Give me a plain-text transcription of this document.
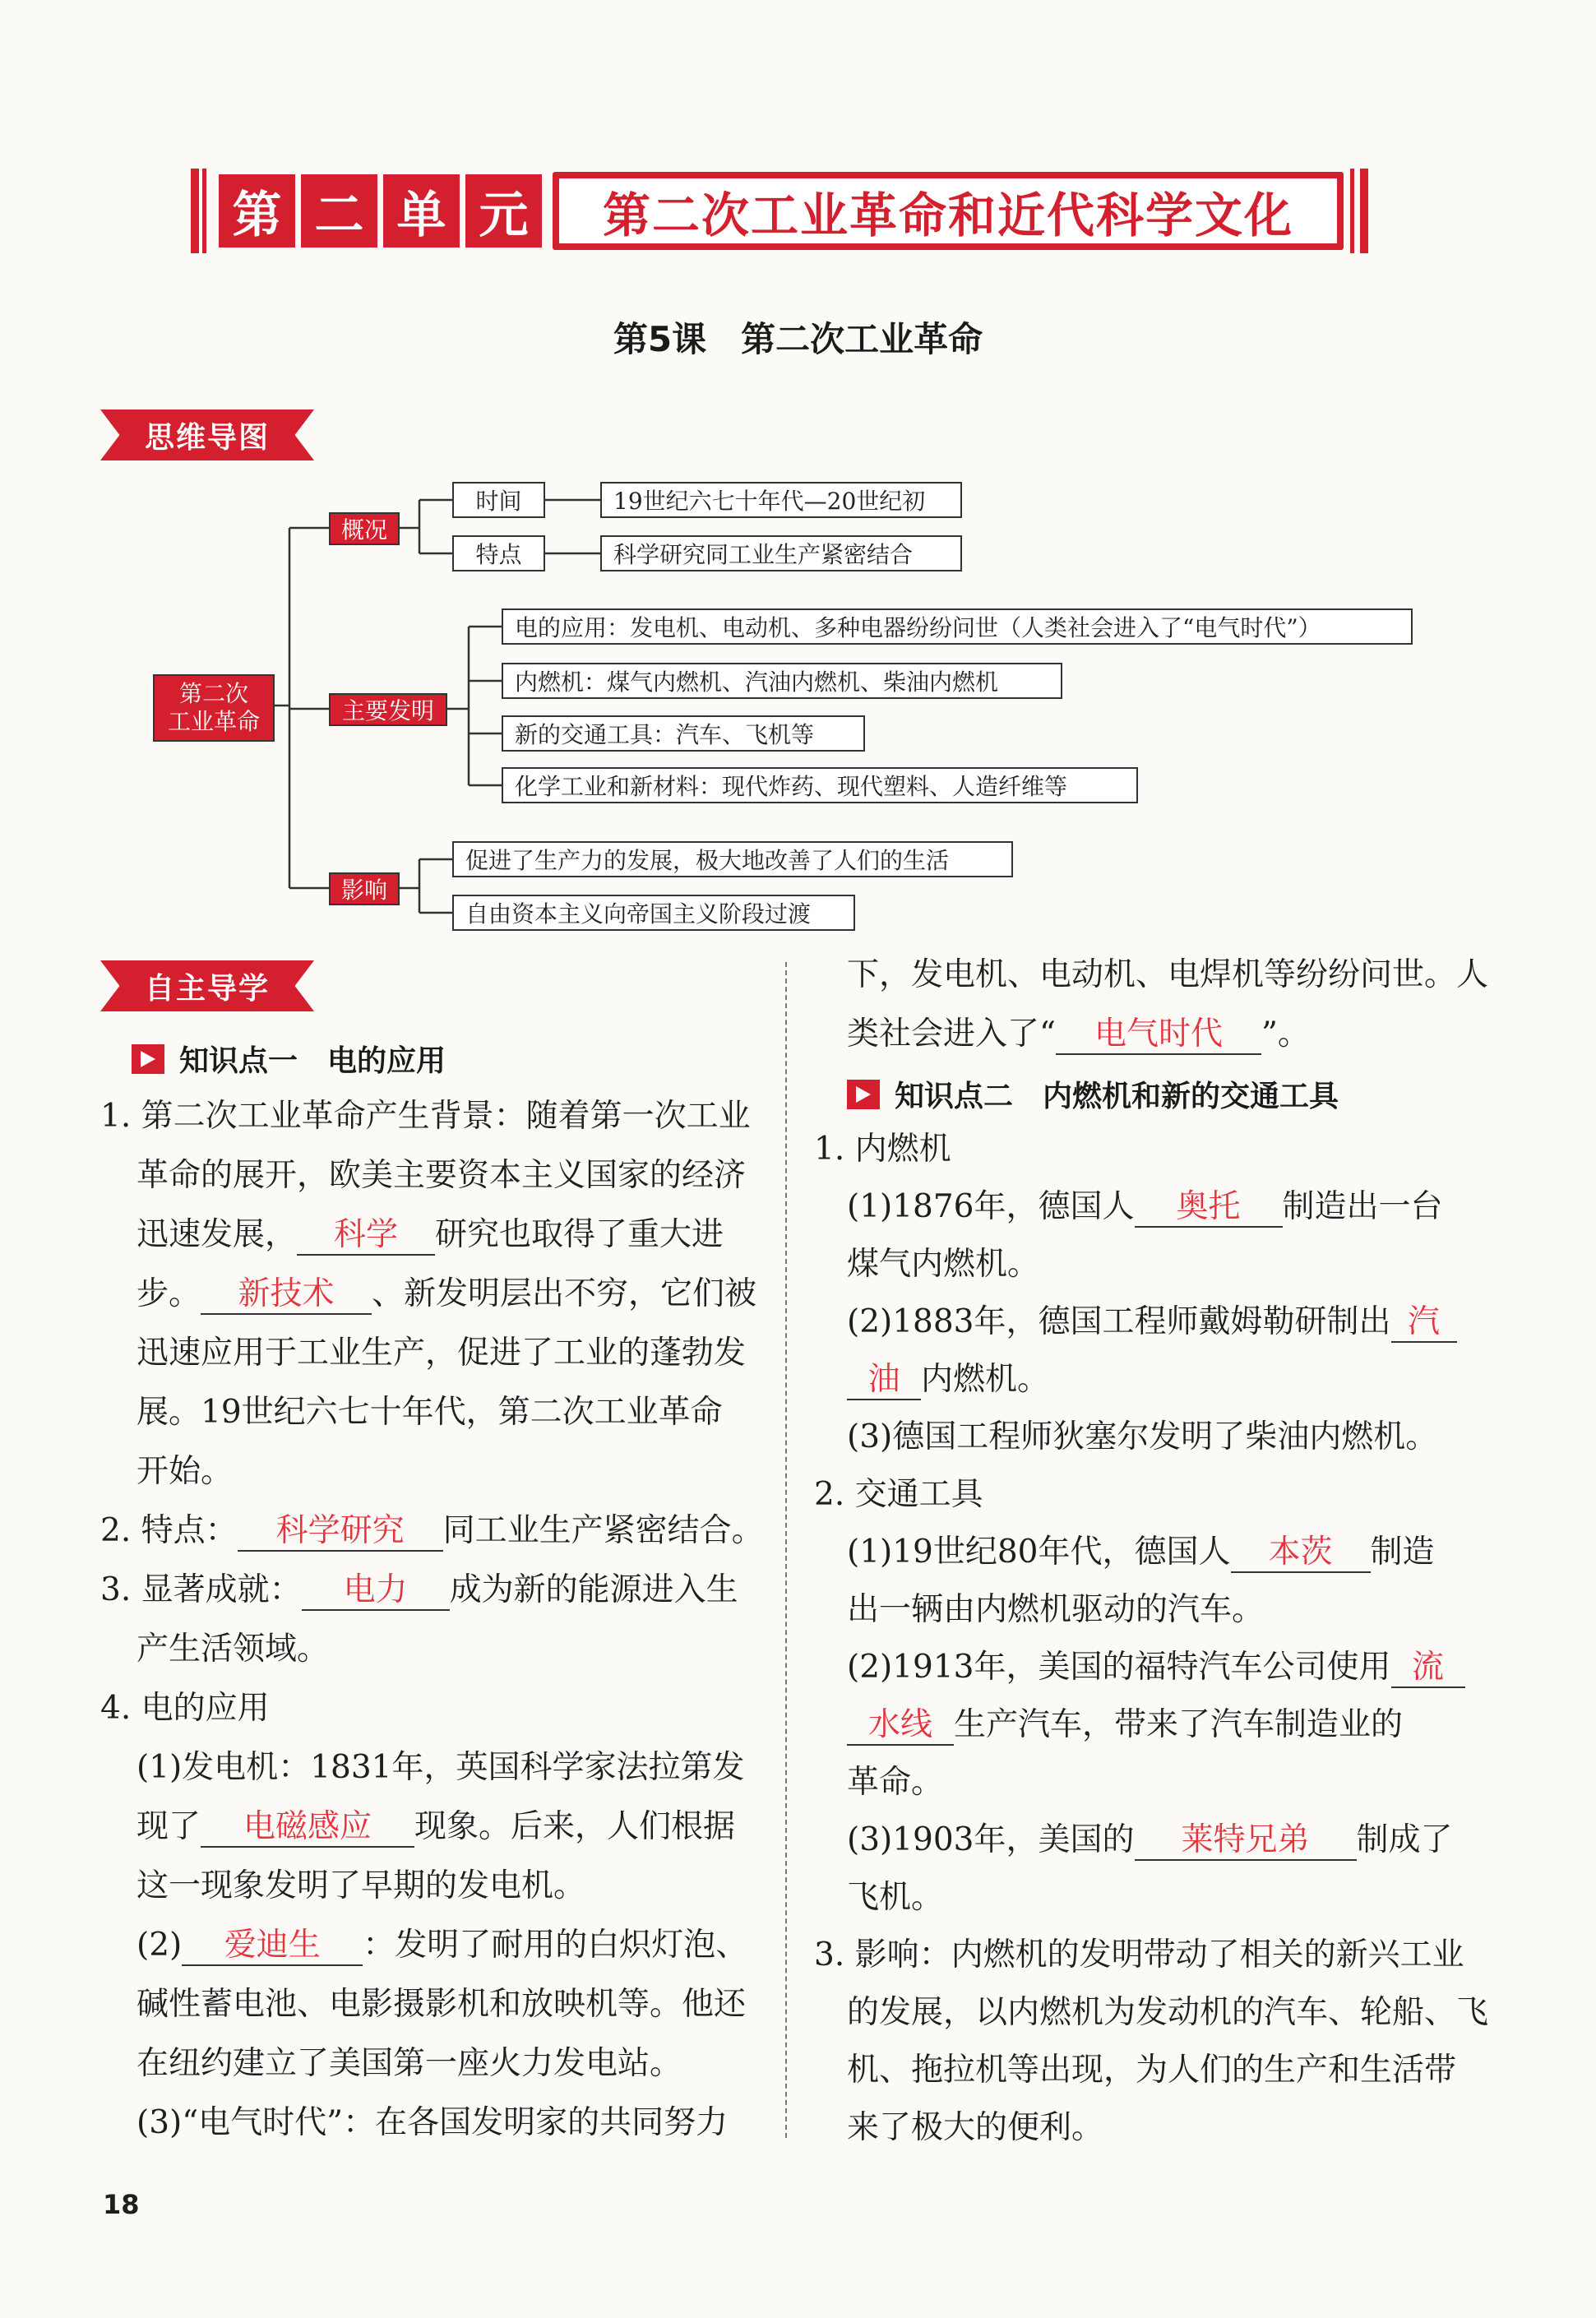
第 二 单 元	第二次工业革命和近代科学文化
第5课　第二次工业革命
思维导图
第二次
工业革命
概况
主要发明
影响
时间	19世纪六七十年代—20世纪初
特点	科学研究同工业生产紧密结合
电的应用：发电机、电动机、多种电器纷纷问世（人类社会进入了“电气时代”）
内燃机：煤气内燃机、汽油内燃机、柴油内燃机
新的交通工具：汽车、飞机等
化学工业和新材料：现代炸药、现代塑料、人造纤维等
促进了生产力的发展，极大地改善了人们的生活
自由资本主义向帝国主义阶段过渡
自主导学
知识点一　电的应用
1. 第二次工业革命产生背景：随着第一次工业
革命的展开，欧美主要资本主义国家的经济
迅速发展， 科学 研究也取得了重大进
步。 新技术 、新发明层出不穷，它们被
迅速应用于工业生产，促进了工业的蓬勃发
展。19世纪六七十年代，第二次工业革命
开始。
2. 特点： 科学研究 同工业生产紧密结合。
3. 显著成就： 电力 成为新的能源进入生
产生活领域。
4. 电的应用
(1)发电机：1831年，英国科学家法拉第发
现了 电磁感应 现象。后来，人们根据
这一现象发明了早期的发电机。
(2) 爱迪生 ：发明了耐用的白炽灯泡、
碱性蓄电池、电影摄影机和放映机等。他还
在纽约建立了美国第一座火力发电站。
(3)“电气时代”：在各国发明家的共同努力
下，发电机、电动机、电焊机等纷纷问世。人
类社会进入了“ 电气时代 ”。
知识点二　内燃机和新的交通工具
1. 内燃机
(1)1876年，德国人 奥托 制造出一台
煤气内燃机。
(2)1883年，德国工程师戴姆勒研制出 汽
油 内燃机。
(3)德国工程师狄塞尔发明了柴油内燃机。
2. 交通工具
(1)19世纪80年代，德国人 本茨 制造
出一辆由内燃机驱动的汽车。
(2)1913年，美国的福特汽车公司使用 流
水线 生产汽车，带来了汽车制造业的
革命。
(3)1903年，美国的 莱特兄弟 制成了
飞机。
3. 影响：内燃机的发明带动了相关的新兴工业
的发展，以内燃机为发动机的汽车、轮船、飞
机、拖拉机等出现，为人们的生产和生活带
来了极大的便利。
18
